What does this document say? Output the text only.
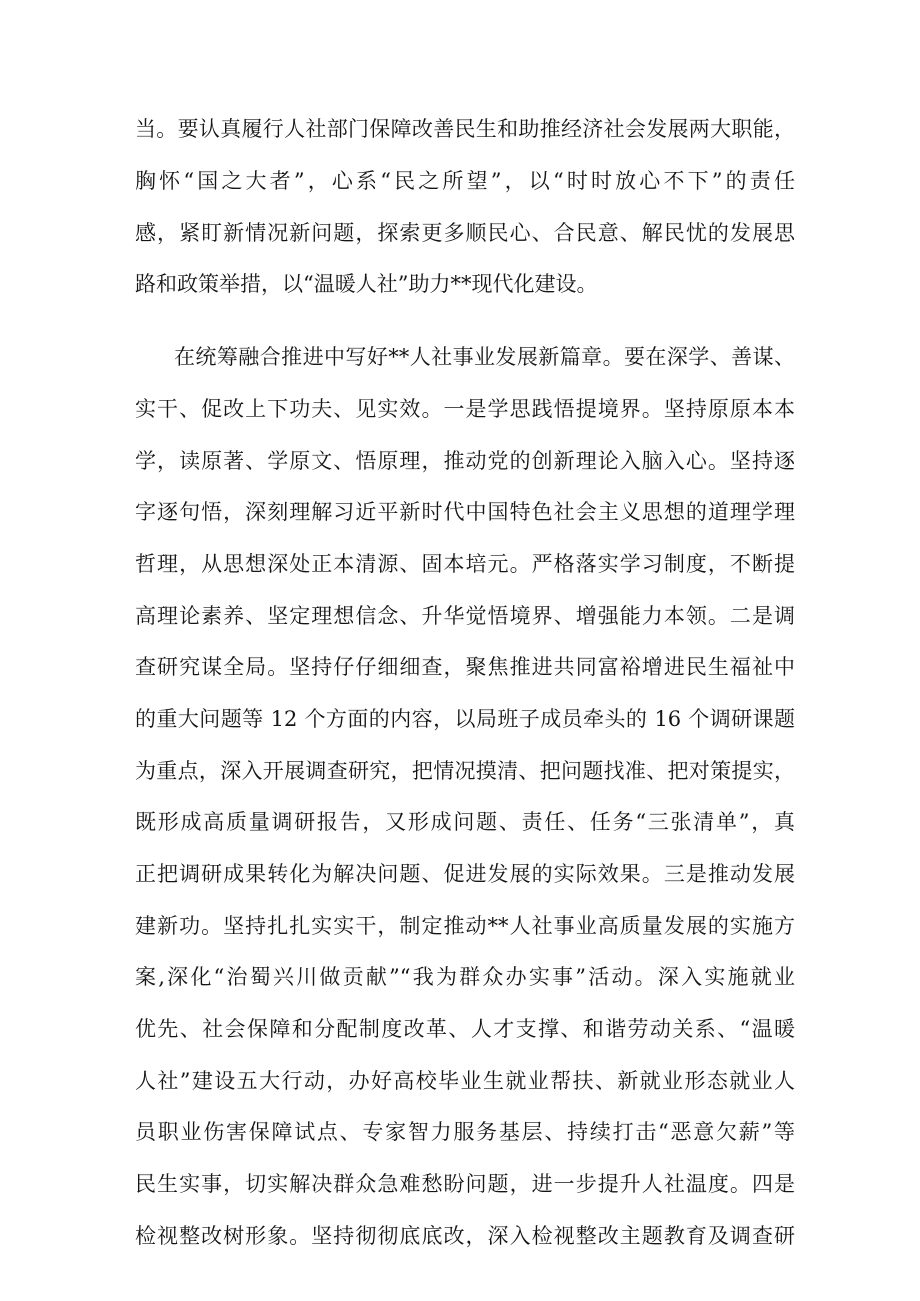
当。要认真履行人社部门保障改善民生和助推经济社会发展两大职能，
胸怀“国之大者”，心系“民之所望”，以“时时放心不下”的责任
感，紧盯新情况新问题，探索更多顺民心、合民意、解民忧的发展思
路和政策举措，以“温暖人社”助力**现代化建设。
在统筹融合推进中写好**人社事业发展新篇章。要在深学、善谋、
实干、促改上下功夫、见实效。一是学思践悟提境界。坚持原原本本
学，读原著、学原文、悟原理，推动党的创新理论入脑入心。坚持逐
字逐句悟，深刻理解习近平新时代中国特色社会主义思想的道理学理
哲理，从思想深处正本清源、固本培元。严格落实学习制度，不断提
高理论素养、坚定理想信念、升华觉悟境界、增强能力本领。二是调
查研究谋全局。坚持仔仔细细查，聚焦推进共同富裕增进民生福祉中
的重大问题等 12 个方面的内容，以局班子成员牵头的 16 个调研课题
为重点，深入开展调查研究，把情况摸清、把问题找准、把对策提实，
既形成高质量调研报告，又形成问题、责任、任务“三张清单”，真
正把调研成果转化为解决问题、促进发展的实际效果。三是推动发展
建新功。坚持扎扎实实干，制定推动**人社事业高质量发展的实施方
案,深化“治蜀兴川做贡献”“我为群众办实事”活动。深入实施就业
优先、社会保障和分配制度改革、人才支撑、和谐劳动关系、“温暖
人社”建设五大行动，办好高校毕业生就业帮扶、新就业形态就业人
员职业伤害保障试点、专家智力服务基层、持续打击“恶意欠薪”等
民生实事，切实解决群众急难愁盼问题，进一步提升人社温度。四是
检视整改树形象。坚持彻彻底底改，深入检视整改主题教育及调查研
